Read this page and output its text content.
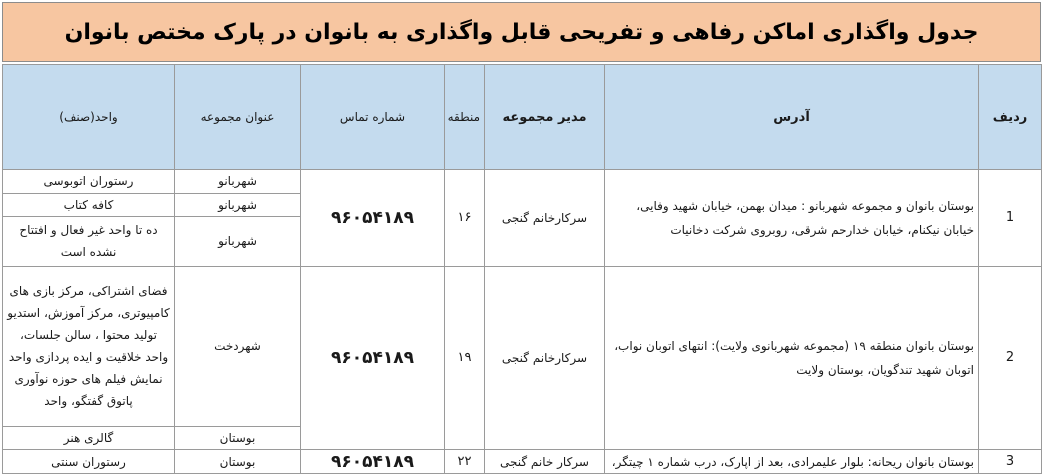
جدول واگذاری اماکن رفاهی و تفریحی قابل واگذاری به بانوان در پارک مختص بانوان
واحد(صنف)	عنوان مجموعه	شماره تماس	منطقه	مدیر مجموعه	آدرس	ردیف
رستوران اتوبوسی	شهربانو	۹۶۰۵۴۱۸۹	۱۶	سرکارخانم گنجی	بوستان بانوان و مجموعه شهربانو : میدان بهمن، خیابان شهید وفایی، خیابان نیکنام، خیابان خدارحم شرقی، روبروی شرکت دخانیات	1
کافه کتاب	شهربانو					
ده تا واحد غیر فعال و افتتاح نشده است	شهربانو					
فضای اشتراکی، مرکز بازی های کامپیوتری، مرکز آموزش، استدیو تولید محتوا ، سالن جلسات، واحد خلاقیت و ایده پردازی واحد نمایش فیلم های حوزه نوآوری پاتوق گفتگو، واحد	شهردخت	۹۶۰۵۴۱۸۹	۱۹	سرکارخانم گنجی	بوستان بانوان منطقه ۱۹ (مجموعه شهربانوی ولایت): انتهای اتوبان نواب، اتوبان شهید تندگویان، بوستان ولایت	2
گالری هنر	بوستان					
رستوران سنتی	بوستان	۹۶۰۵۴۱۸۹	۲۲	سرکار خانم گنجی	بوستان بانوان ریحانه: بلوار علیمرادی، بعد از اپارک، درب شماره ۱ چیتگر،	3
